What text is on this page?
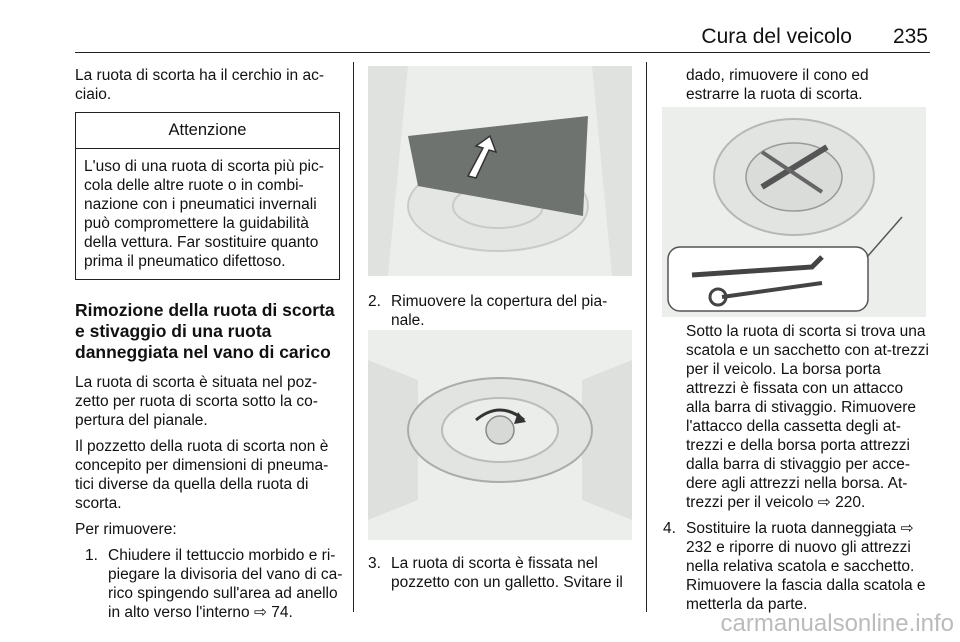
Cura del veicolo 235

La ruota di scorta ha il cerchio in ac-ciaio.

Attenzione
L'uso di una ruota di scorta più pic-cola delle altre ruote o in combi-nazione con i pneumatici invernali può compromettere la guidabilità della vettura. Far sostituire quanto prima il pneumatico difettoso.
Rimozione della ruota di scorta e stivaggio di una ruota danneggiata nel vano di carico

La ruota di scorta è situata nel poz-zetto per ruota di scorta sotto la co-pertura del pianale.

Il pozzetto della ruota di scorta non è concepito per dimensioni di pneuma-tici diverse da quella della ruota di scorta.

Per rimuovere:

1. Chiudere il tettuccio morbido e ri-piegare la divisoria del vano di ca-rico spingendo sull'area ad anello in alto verso l'interno ⇨ 74.
2. Rimuovere la copertura del pia-nale.
3. La ruota di scorta è fissata nel pozzetto con un galletto. Svitare il

dado, rimuovere il cono ed estrarre la ruota di scorta.

Sotto la ruota di scorta si trova una scatola e un sacchetto con at-trezzi per il veicolo. La borsa porta attrezzi è fissata con un attacco alla barra di stivaggio. Rimuovere l'attacco della cassetta degli at-trezzi e della borsa porta attrezzi dalla barra di stivaggio per acce-dere agli attrezzi nella borsa. At-trezzi per il veicolo ⇨ 220.

4. Sostituire la ruota danneggiata ⇨ 232 e riporre di nuovo gli attrezzi nella relativa scatola e sacchetto. Rimuovere la fascia dalla scatola e metterla da parte.
carmanualsonline.info
